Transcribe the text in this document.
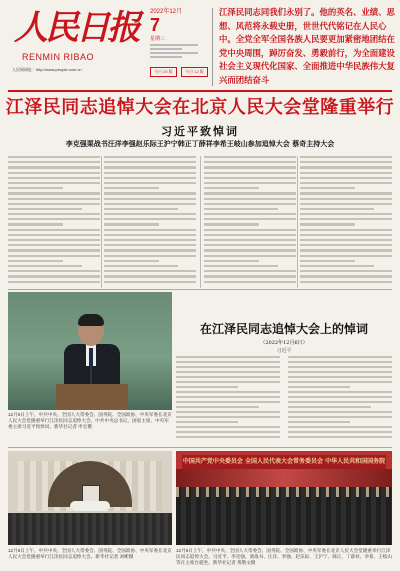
人民日报
RENMIN RIBAO
人民网网址：http://www.people.com.cn
2022年12月
7
星期三
今日 20 版	今日 12 版
江泽民同志同我们永别了。他的英名、业绩、思想、风范将永载史册，世世代代铭记在人民心中。全党全军全国各族人民要更加紧密地团结在党中央周围，踔厉奋发、勇毅前行，为全面建设社会主义现代化国家、全面推进中华民族伟大复兴而团结奋斗
江泽民同志追悼大会在北京人民大会堂隆重举行
习近平致悼词
李克强栗战书汪洋李强赵乐际王沪宁韩正丁薛祥李希王岐山参加追悼大会 蔡奇主持大会
12月6日上午，中共中央、全国人大常委会、国务院、全国政协、中央军委在北京人民大会堂隆重举行江泽民同志追悼大会。中共中央总书记、国家主席、中央军委主席习近平致悼词。新华社记者 申宏摄
在江泽民同志追悼大会上的悼词
（2022年12月6日）
习近平
12月6日上午，中共中央、全国人大常委会、国务院、全国政协、中央军委在北京人民大会堂隆重举行江泽民同志追悼大会。新华社记者 刘彬摄
中国共产党中央委员会 全国人民代表大会常务委员会 中华人民共和国国务院
12月6日上午，中共中央、全国人大常委会、国务院、全国政协、中央军委在北京人民大会堂隆重举行江泽民同志追悼大会。习近平、李克强、栗战书、汪洋、李强、赵乐际、王沪宁、韩正、丁薛祥、李希、王岐山等在主席台就坐。新华社记者 黄敬文摄
